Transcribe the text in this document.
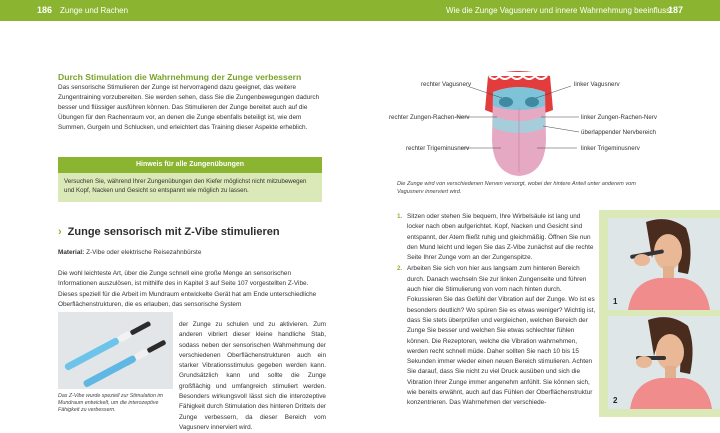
186 Zunge und Rachen	Wie die Zunge Vagusnerv und innere Wahrnehmung beeinflusst
187
Durch Stimulation die Wahrnehmung der Zunge verbessern
Das sensorische Stimulieren der Zunge ist hervorragend dazu geeignet, das weitere Zungentraining vorzubereiten. Sie werden sehen, dass Sie die Zungenbewegungen dadurch besser und flüssiger ausführen können. Das Stimulieren der Zunge bereitet auch auf die Übungen für den Rachenraum vor, an denen die Zunge ebenfalls beteiligt ist, wie dem Summen, Gurgeln und Schlucken, und erleichtert das Training dieser Aspekte erheblich.
Hinweis für alle Zungenübungen
Versuchen Sie, während Ihrer Zungenübungen den Kiefer möglichst nicht mitzubewegen und Kopf, Nacken und Gesicht so entspannt wie möglich zu lassen.
› Zunge sensorisch mit Z-Vibe stimulieren
Material: Z-Vibe oder elektrische Reisezahnbürste
Die wohl leichteste Art, über die Zunge schnell eine große Menge an sensorischen Informationen auszulösen, ist mithilfe des in Kapitel 3 auf Seite 107 vorgestellten Z-Vibe. Dieses speziell für die Arbeit im Mundraum entwickelte Gerät hat am Ende unterschiedliche Oberflächenstrukturen, die es erlauben, das sensorische System
Das Z-Vibe wurde speziell zur Stimulation im Mundraum entwickelt, um die interozeptive Fähigkeit zu verbessern.
der Zunge zu schulen und zu aktivieren. Zum anderen vibriert dieser kleine handliche Stab, sodass neben der sensorischen Wahrnehmung der verschiedenen Oberflächenstrukturen auch ein starker Vibrationsstimulus gegeben werden kann. Grundsätzlich kann und sollte die Zunge großflächig und umfangreich stimuliert werden. Besonders wirkungsvoll lässt sich die interozeptive Fähigkeit durch Stimulation des hinteren Drittels der Zunge verbessern, da dieser Bereich vom Vagusnerv innerviert wird.
rechter Vagusnerv
rechter Zungen-Rachen-Nerv
rechter Trigeminusnerv
linker Vagusnerv
linker Zungen-Rachen-Nerv
überlappender Nervbereich
linker Trigeminusnerv
Die Zunge wird von verschiedenen Nerven versorgt, wobei der hintere Anteil unter anderem vom Vagusnerv innerviert wird.
1. Sitzen oder stehen Sie bequem, Ihre Wirbelsäule ist lang und locker nach oben aufgerichtet. Kopf, Nacken und Gesicht sind entspannt, der Atem fließt ruhig und gleichmäßig. Öffnen Sie nun den Mund leicht und legen Sie das Z-Vibe zunächst auf die rechte Seite Ihrer Zunge vorn an der Zungenspitze.
2. Arbeiten Sie sich von hier aus langsam zum hinteren Bereich durch. Danach wechseln Sie zur linken Zungenseite und führen auch hier die Stimulierung von vorn nach hinten durch. Fokussieren Sie das Gefühl der Vibration auf der Zunge. Wo ist es besonders deutlich? Wo spüren Sie es etwas weniger? Wichtig ist, dass Sie stets überprüfen und vergleichen, welchen Bereich der Zunge Sie besser und welchen Sie etwas schlechter fühlen können. Die Rezeptoren, welche die Vibration wahrnehmen, werden recht schnell müde. Daher sollten Sie nach 10 bis 15 Sekunden immer wieder einen neuen Bereich stimulieren. Achten Sie darauf, dass Sie nicht zu viel Druck ausüben und sich die Vibration Ihrer Zunge immer angenehm anfühlt. Sie können sich, wie bereits erwähnt, auch auf das Fühlen der Oberflächenstruktur konzentrieren. Das Wahrnehmen der verschiede-
1
2
